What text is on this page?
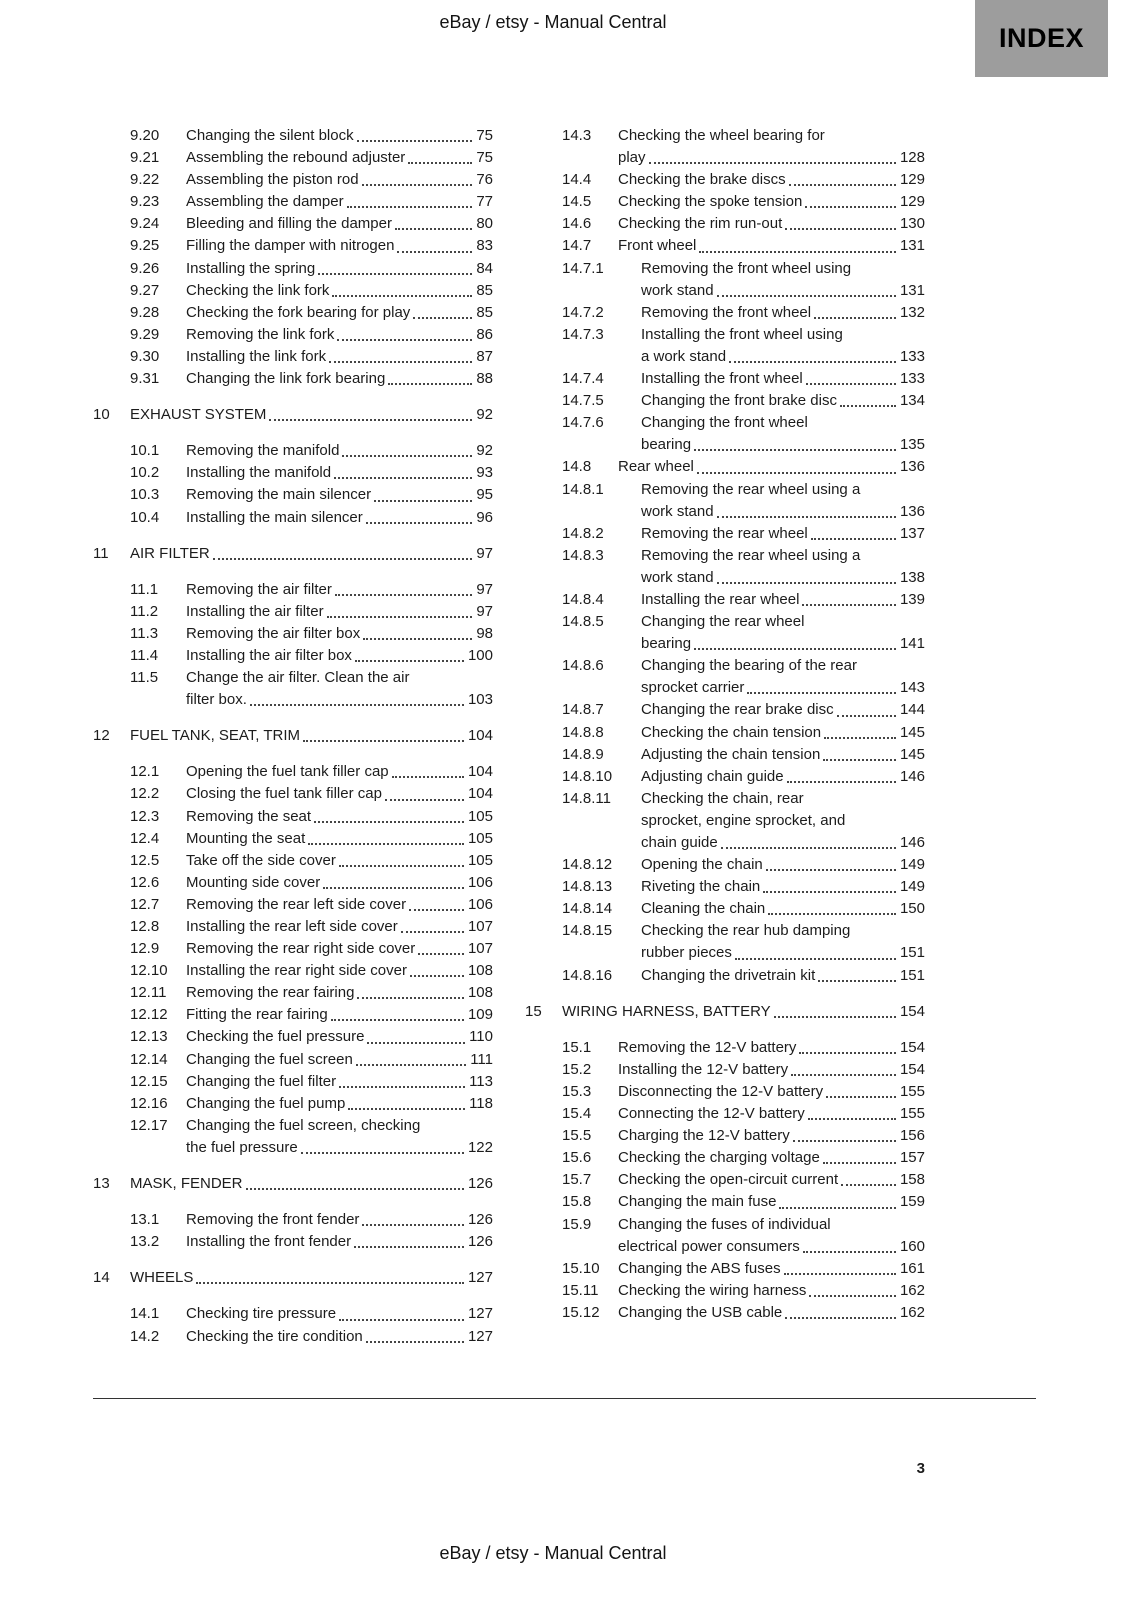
eBay / etsy - Manual Central
INDEX
9.20	Changing the silent block	75
9.21	Assembling the rebound adjuster	75
9.22	Assembling the piston rod	76
9.23	Assembling the damper	77
9.24	Bleeding and filling the damper	80
9.25	Filling the damper with nitrogen	83
9.26	Installing the spring	84
9.27	Checking the link fork	85
9.28	Checking the fork bearing for play	85
9.29	Removing the link fork	86
9.30	Installing the link fork	87
9.31	Changing the link fork bearing	88
10	EXHAUST SYSTEM	92
10.1	Removing the manifold	92
10.2	Installing the manifold	93
10.3	Removing the main silencer	95
10.4	Installing the main silencer	96
11	AIR FILTER	97
11.1	Removing the air filter	97
11.2	Installing the air filter	97
11.3	Removing the air filter box	98
11.4	Installing the air filter box	100
11.5	Change the air filter. Clean the air
filter box.	103
12	FUEL TANK, SEAT, TRIM	104
12.1	Opening the fuel tank filler cap	104
12.2	Closing the fuel tank filler cap	104
12.3	Removing the seat	105
12.4	Mounting the seat	105
12.5	Take off the side cover	105
12.6	Mounting side cover	106
12.7	Removing the rear left side cover	106
12.8	Installing the rear left side cover	107
12.9	Removing the rear right side cover	107
12.10	Installing the rear right side cover	108
12.11	Removing the rear fairing	108
12.12	Fitting the rear fairing	109
12.13	Checking the fuel pressure	110
12.14	Changing the fuel screen	111
12.15	Changing the fuel filter	113
12.16	Changing the fuel pump	118
12.17	Changing the fuel screen, checking
the fuel pressure	122
13	MASK, FENDER	126
13.1	Removing the front fender	126
13.2	Installing the front fender	126
14	WHEELS	127
14.1	Checking tire pressure	127
14.2	Checking the tire condition	127
14.3	Checking the wheel bearing for
play	128
14.4	Checking the brake discs	129
14.5	Checking the spoke tension	129
14.6	Checking the rim run-out	130
14.7	Front wheel	131
14.7.1	Removing the front wheel using
work stand	131
14.7.2	Removing the front wheel	132
14.7.3	Installing the front wheel using
a work stand	133
14.7.4	Installing the front wheel	133
14.7.5	Changing the front brake disc	134
14.7.6	Changing the front wheel
bearing	135
14.8	Rear wheel	136
14.8.1	Removing the rear wheel using a
work stand	136
14.8.2	Removing the rear wheel	137
14.8.3	Removing the rear wheel using a
work stand	138
14.8.4	Installing the rear wheel	139
14.8.5	Changing the rear wheel
bearing	141
14.8.6	Changing the bearing of the rear
sprocket carrier	143
14.8.7	Changing the rear brake disc	144
14.8.8	Checking the chain tension	145
14.8.9	Adjusting the chain tension	145
14.8.10	Adjusting chain guide	146
14.8.11	Checking the chain, rear
sprocket, engine sprocket, and
chain guide	146
14.8.12	Opening the chain	149
14.8.13	Riveting the chain	149
14.8.14	Cleaning the chain	150
14.8.15	Checking the rear hub damping
rubber pieces	151
14.8.16	Changing the drivetrain kit	151
15	WIRING HARNESS, BATTERY	154
15.1	Removing the 12-V battery	154
15.2	Installing the 12-V battery	154
15.3	Disconnecting the 12-V battery	155
15.4	Connecting the 12-V battery	155
15.5	Charging the 12-V battery	156
15.6	Checking the charging voltage	157
15.7	Checking the open-circuit current	158
15.8	Changing the main fuse	159
15.9	Changing the fuses of individual
electrical power consumers	160
15.10	Changing the ABS fuses	161
15.11	Checking the wiring harness	162
15.12	Changing the USB cable	162
3
eBay / etsy - Manual Central
